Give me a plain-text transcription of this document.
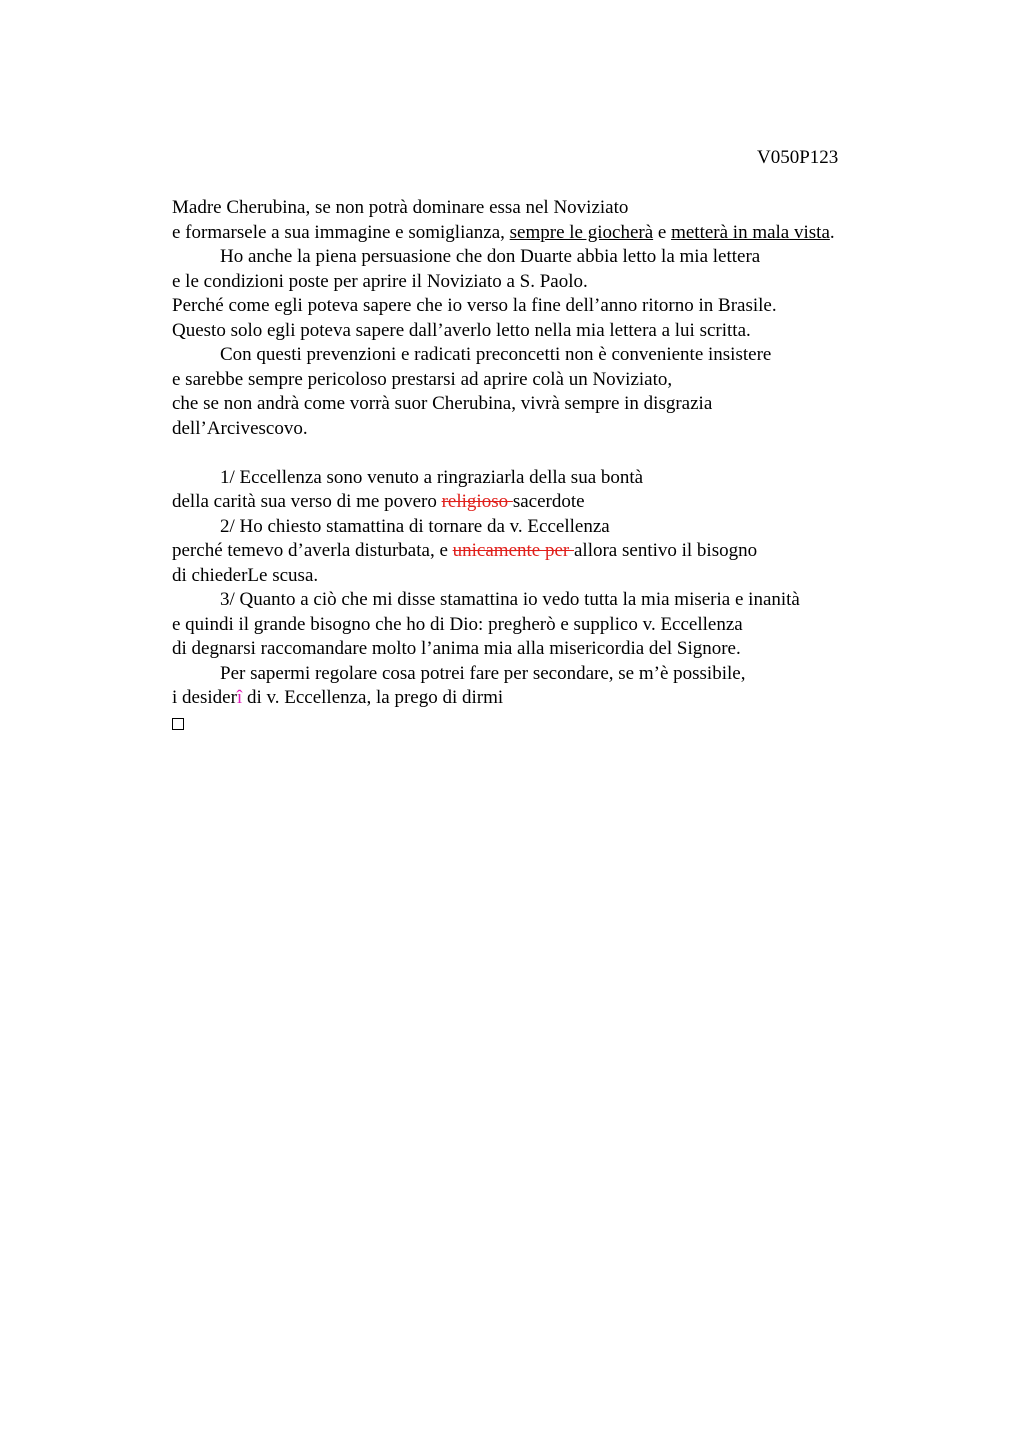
V050P123
Madre Cherubina, se non potrà dominare essa nel Noviziato
e formarsele a sua immagine e somiglianza, sempre le giocherà e metterà in mala vista.
Ho anche la piena persuasione che don Duarte abbia letto la mia lettera
e le condizioni poste per aprire il Noviziato a S. Paolo.
Perché come egli poteva sapere che io verso la fine dell’anno ritorno in Brasile.
Questo solo egli poteva sapere dall’averlo letto nella mia lettera a lui scritta.
Con questi prevenzioni e radicati preconcetti non è conveniente insistere
e sarebbe sempre pericoloso prestarsi ad aprire colà un Noviziato,
che se non andrà come vorrà suor Cherubina, vivrà sempre in disgrazia
dell’Arcivescovo.
1/ Eccellenza sono venuto a ringraziarla della sua bontà
della carità sua verso di me povero religioso sacerdote
2/ Ho chiesto stamattina di tornare da v. Eccellenza
perché temevo d’averla disturbata, e unicamente per allora sentivo il bisogno
di chiederLe scusa.
3/ Quanto a ciò che mi disse stamattina io vedo tutta la mia miseria e inanità
e quindi il grande bisogno che ho di Dio: pregherò e supplico v. Eccellenza
di degnarsi raccomandare molto l’anima mia alla misericordia del Signore.
Per sapermi regolare cosa potrei fare per secondare, se m’è possibile,
i desiderî di v. Eccellenza, la prego di dirmi
